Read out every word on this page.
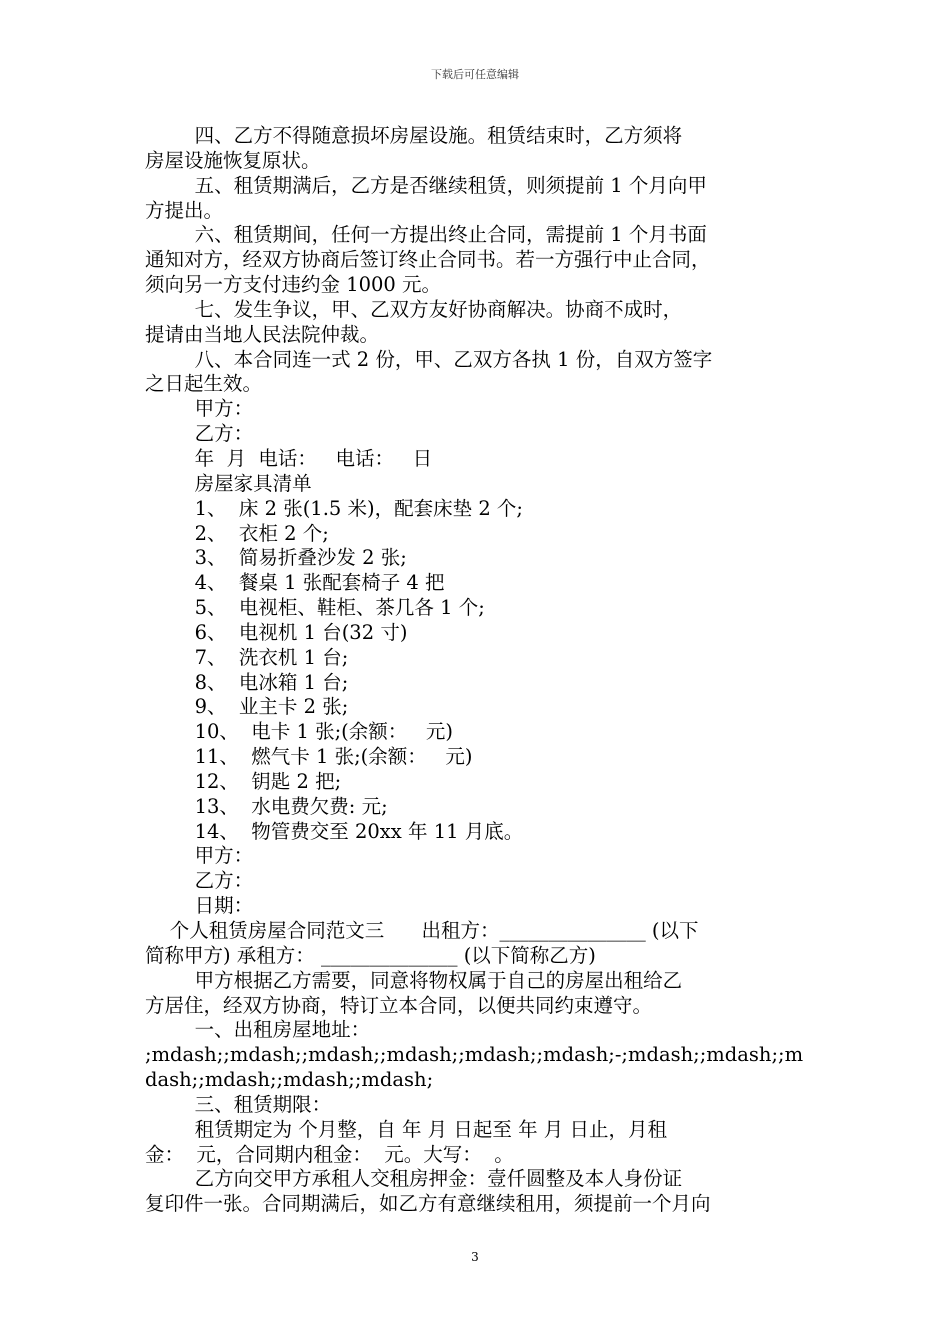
下载后可任意编辑
四、乙方不得随意损坏房屋设施。租赁结束时，乙方须将
房屋设施恢复原状。
五、租赁期满后，乙方是否继续租赁，则须提前 1 个月向甲
方提出。
六、租赁期间，任何一方提出终止合同，需提前 1 个月书面
通知对方，经双方协商后签订终止合同书。若一方强行中止合同，
须向另一方支付违约金 1000 元。
七、发生争议，甲、乙双方友好协商解决。协商不成时，
提请由当地人民法院仲裁。
八、本合同连一式 2 份，甲、乙双方各执 1 份，自双方签字
之日起生效。
甲方：
乙方：
年  月  电话：   电话：   日
房屋家具清单
1、  床 2 张(1.5 米)，配套床垫 2 个;
2、  衣柜 2 个;
3、  简易折叠沙发 2 张;
4、  餐桌 1 张配套椅子 4 把
5、  电视柜、鞋柜、茶几各 1 个;
6、  电视机 1 台(32 寸)
7、  洗衣机 1 台;
8、  电冰箱 1 台;
9、  业主卡 2 张;
10、  电卡 1 张;(余额：   元)
11、  燃气卡 1 张;(余额：   元)
12、  钥匙 2 把;
13、  水电费欠费: 元;
14、  物管费交至 20xx 年 11 月底。
甲方：
乙方：
日期：
个人租赁房屋合同范文三      出租方：_______________ (以下
简称甲方) 承租方： ______________ (以下简称乙方)
甲方根据乙方需要，同意将物权属于自己的房屋出租给乙
方居住，经双方协商，特订立本合同，以便共同约束遵守。
一、出租房屋地址：
;mdash;;mdash;;mdash;;mdash;;mdash;;mdash;-;mdash;;mdash;;m
dash;;mdash;;mdash;;mdash;
三、租赁期限：
租赁期定为 个月整，自 年 月 日起至 年 月 日止，月租
金：  元，合同期内租金：  元。大写：  。
乙方向交甲方承租人交租房押金：壹仟圆整及本人身份证
复印件一张。合同期满后，如乙方有意继续租用，须提前一个月向
3
